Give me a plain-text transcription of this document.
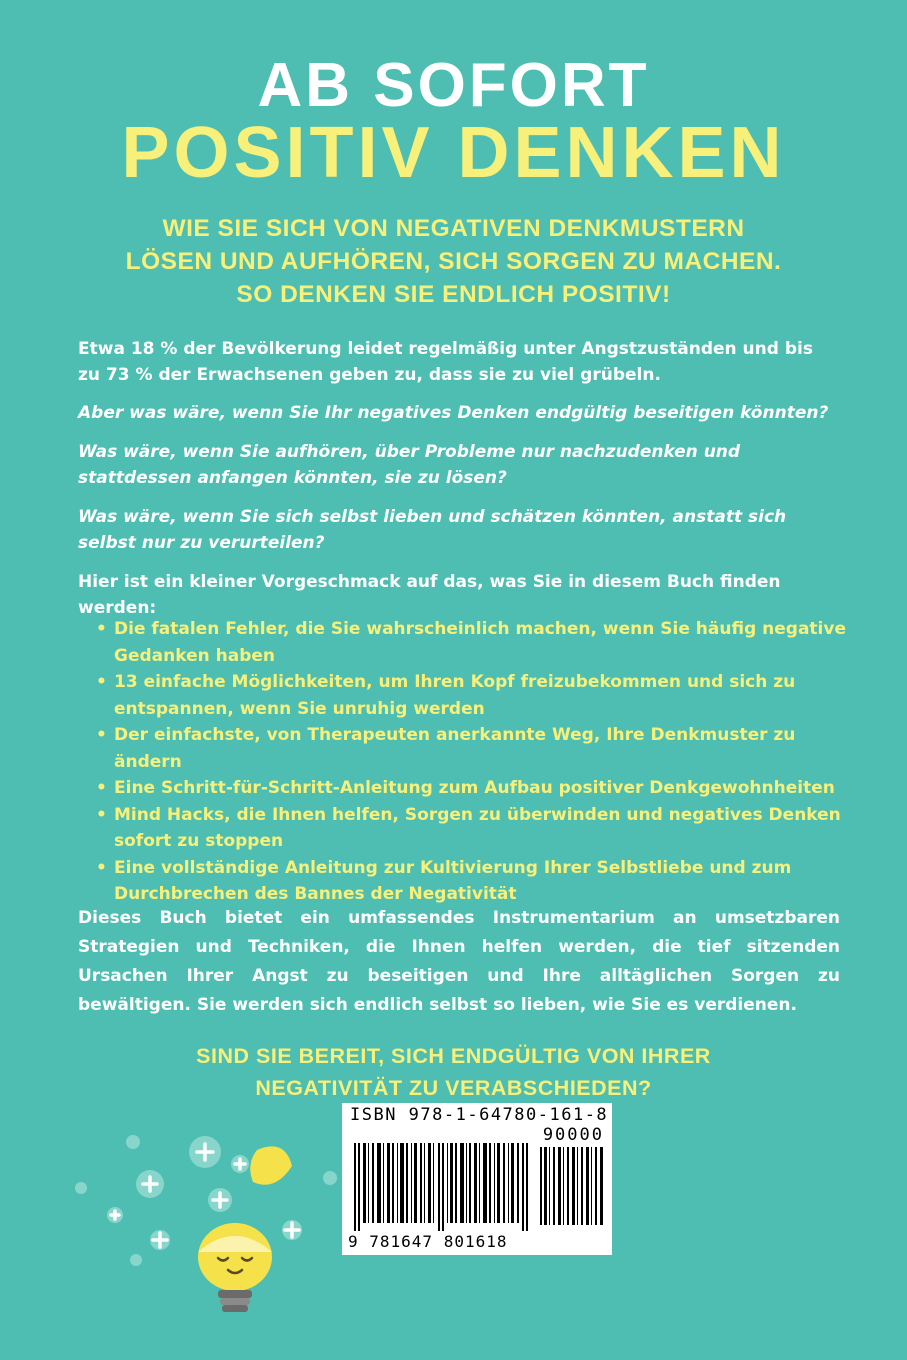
AB SOFORT
POSITIV DENKEN
WIE SIE SICH VON NEGATIVEN DENKMUSTERN
LÖSEN UND AUFHÖREN, SICH SORGEN ZU MACHEN.
SO DENKEN SIE ENDLICH POSITIV!
Etwa 18 % der Bevölkerung leidet regelmäßig unter Angstzuständen und bis zu 73 % der Erwachsenen geben zu, dass sie zu viel grübeln.
Aber was wäre, wenn Sie Ihr negatives Denken endgültig beseitigen könnten?
Was wäre, wenn Sie aufhören, über Probleme nur nachzudenken und stattdessen anfangen könnten, sie zu lösen?
Was wäre, wenn Sie sich selbst lieben und schätzen könnten, anstatt sich selbst nur zu verurteilen?
Hier ist ein kleiner Vorgeschmack auf das, was Sie in diesem Buch finden werden:
• Die fatalen Fehler, die Sie wahrscheinlich machen, wenn Sie häufig negative Gedanken haben
• 13 einfache Möglichkeiten, um Ihren Kopf freizubekommen und sich zu entspannen, wenn Sie unruhig werden
• Der einfachste, von Therapeuten anerkannte Weg, Ihre Denkmuster zu ändern
• Eine Schritt-für-Schritt-Anleitung zum Aufbau positiver Denkgewohnheiten
• Mind Hacks, die Ihnen helfen, Sorgen zu überwinden und negatives Denken sofort zu stoppen
• Eine vollständige Anleitung zur Kultivierung Ihrer Selbstliebe und zum Durchbrechen des Bannes der Negativität
Dieses Buch bietet ein umfassendes Instrumentarium an umsetzbaren Strategien und Techniken, die Ihnen helfen werden, die tief sitzenden Ursachen Ihrer Angst zu beseitigen und Ihre alltäglichen Sorgen zu bewältigen. Sie werden sich endlich selbst so lieben, wie Sie es verdienen.
SIND SIE BEREIT, SICH ENDGÜLTIG VON IHRER
NEGATIVITÄT ZU VERABSCHIEDEN?
ISBN 978-1-64780-161-8
90000
9 781647 801618
